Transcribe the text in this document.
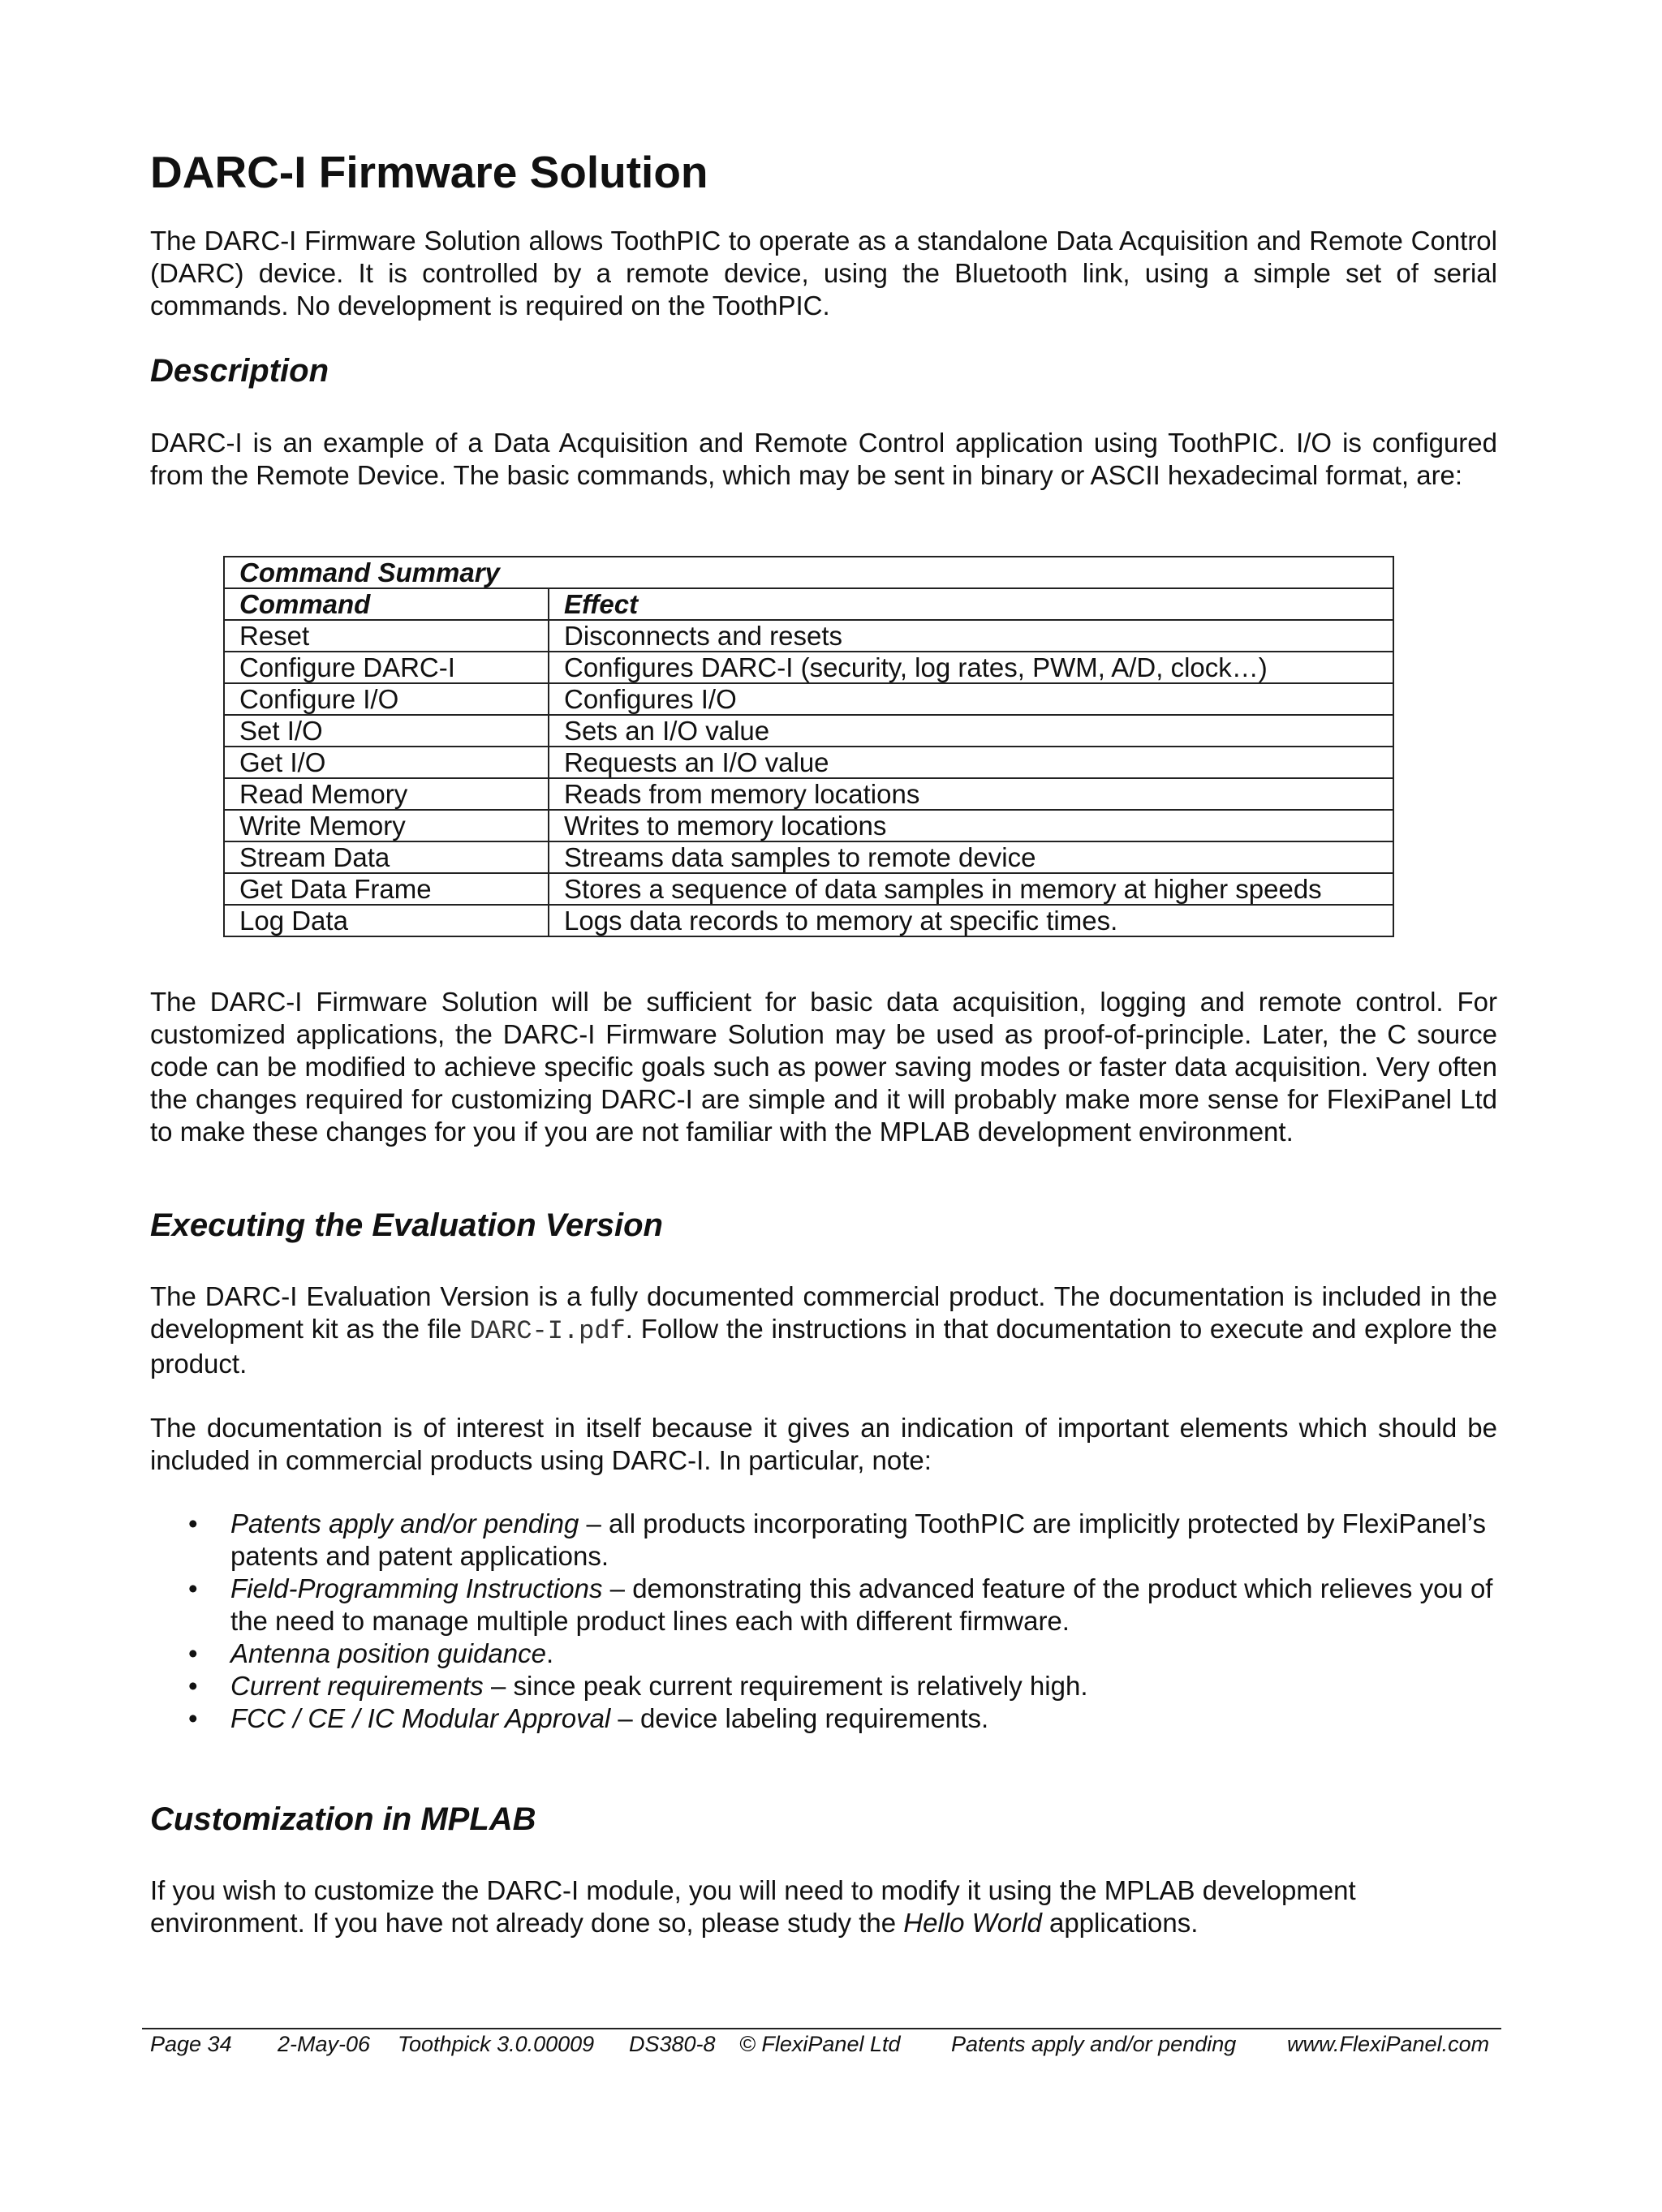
DARC-I Firmware Solution

The DARC-I Firmware Solution allows ToothPIC to operate as a standalone Data Acquisition and Remote Control (DARC) device. It is controlled by a remote device, using the Bluetooth link, using a simple set of serial commands. No development is required on the ToothPIC.

Description

DARC-I is an example of a Data Acquisition and Remote Control application using ToothPIC. I/O is configured from the Remote Device. The basic commands, which may be sent in binary or ASCII hexadecimal format, are:

Command Summary	
Command	Effect
Reset	Disconnects and resets
Configure DARC-I	Configures DARC-I (security, log rates, PWM, A/D, clock…)
Configure I/O	Configures I/O
Set I/O	Sets an I/O value
Get I/O	Requests an I/O value
Read Memory	Reads from memory locations
Write Memory	Writes to memory locations
Stream Data	Streams data samples to remote device
Get Data Frame	Stores a sequence of data samples in memory at higher speeds
Log Data	Logs data records to memory at specific times.

The DARC-I Firmware Solution will be sufficient for basic data acquisition, logging and remote control. For customized applications, the DARC-I Firmware Solution may be used as proof-of-principle. Later, the C source code can be modified to achieve specific goals such as power saving modes or faster data acquisition. Very often the changes required for customizing DARC-I are simple and it will probably make more sense for FlexiPanel Ltd to make these changes for you if you are not familiar with the MPLAB development environment.

Executing the Evaluation Version

The DARC-I Evaluation Version is a fully documented commercial product. The documentation is included in the development kit as the file DARC-I.pdf. Follow the instructions in that documentation to execute and explore the product.

The documentation is of interest in itself because it gives an indication of important elements which should be included in commercial products using DARC-I. In particular, note:

• Patents apply and/or pending – all products incorporating ToothPIC are implicitly protected by FlexiPanel’s patents and patent applications.
• Field-Programming Instructions – demonstrating this advanced feature of the product which relieves you of the need to manage multiple product lines each with different firmware.
• Antenna position guidance.
• Current requirements – since peak current requirement is relatively high.
• FCC / CE / IC Modular Approval – device labeling requirements.
Customization in MPLAB

If you wish to customize the DARC-I module, you will need to modify it using the MPLAB development environment. If you have not already done so, please study the Hello World applications.

Page 34 2-May-06 Toothpick 3.0.00009 DS380-8 © FlexiPanel Ltd Patents apply and/or pending www.FlexiPanel.com
